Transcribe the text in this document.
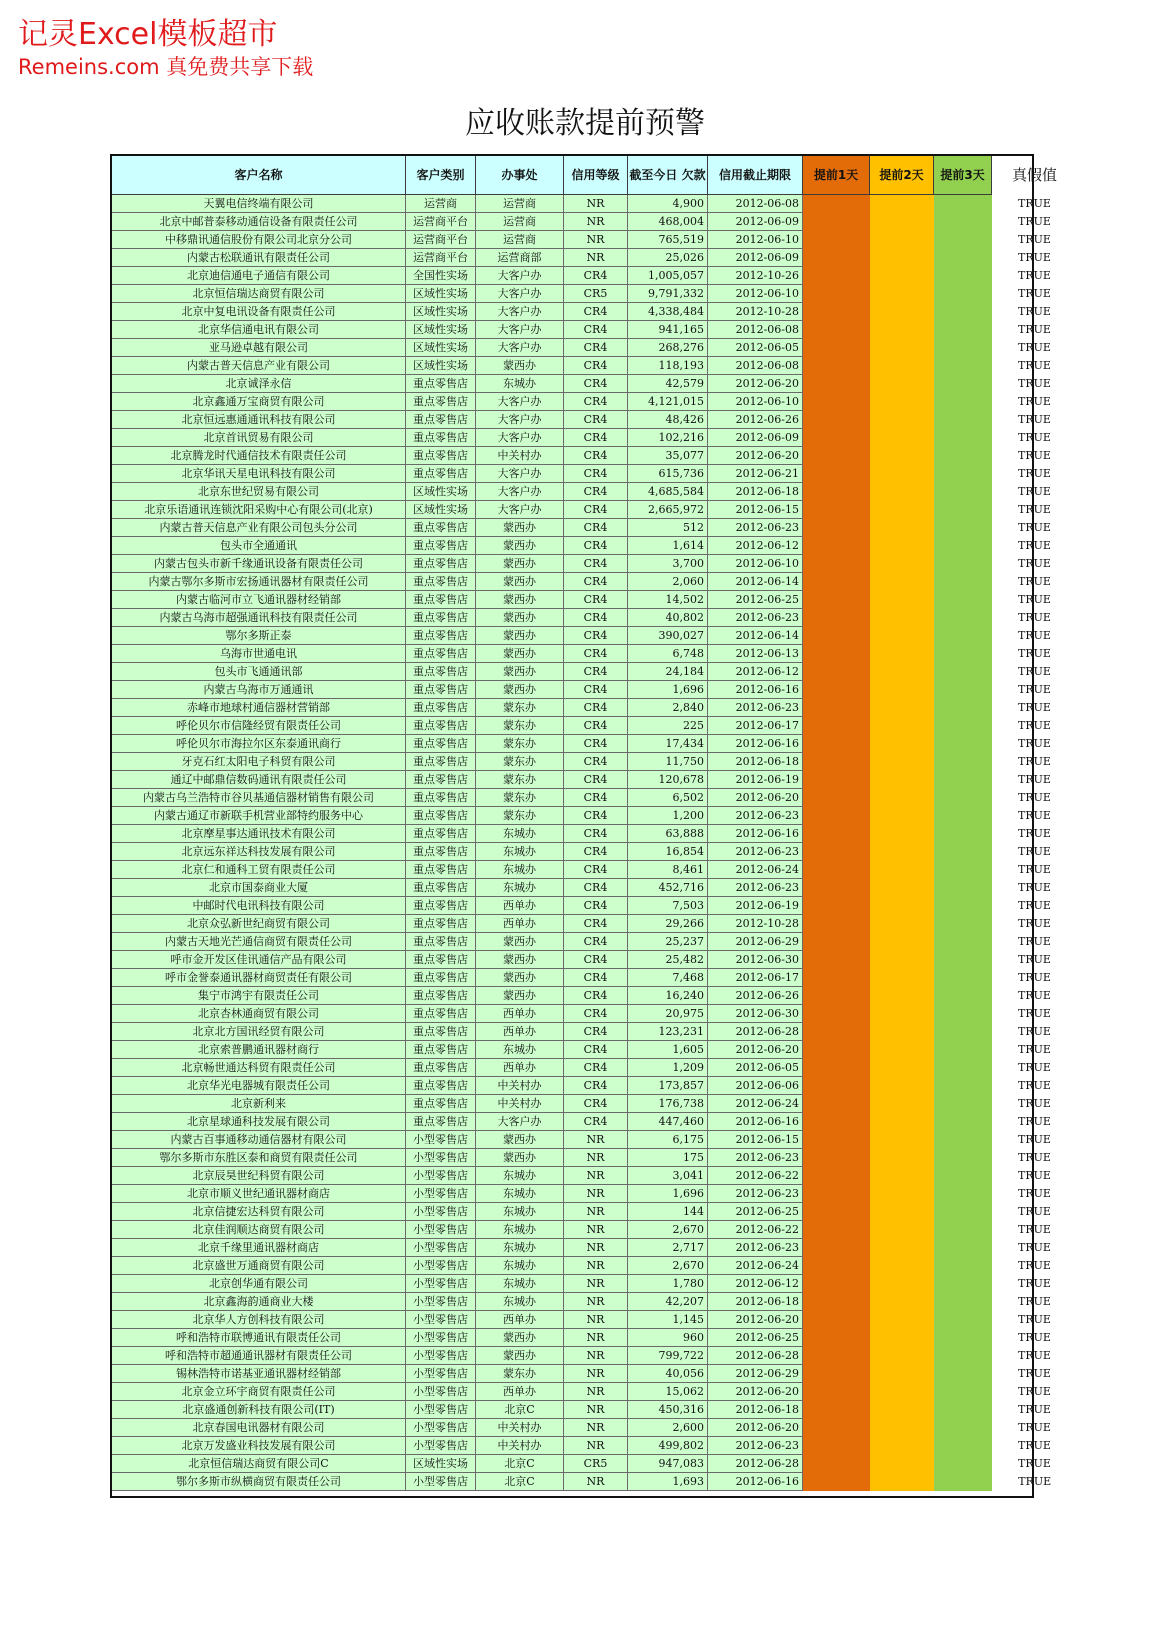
记灵Excel模板超市
Remeins.com 真免费共享下载
应收账款提前预警
客户名称	客户类别	办事处	信用等级	截至今日 欠款	信用截止期限	提前1天	提前2天	提前3天	真假值
天翼电信终端有限公司	运营商	运营商	NR	4,900	2012-06-08				TRUE
北京中邮普泰移动通信设备有限责任公司	运营商平台	运营商	NR	468,004	2012-06-09				TRUE
中移鼎讯通信股份有限公司北京分公司	运营商平台	运营商	NR	765,519	2012-06-10				TRUE
内蒙古松联通讯有限责任公司	运营商平台	运营商部	NR	25,026	2012-06-09				TRUE
北京迪信通电子通信有限公司	全国性实场	大客户办	CR4	1,005,057	2012-10-26				TRUE
北京恒信瑞达商贸有限公司	区域性实场	大客户办	CR5	9,791,332	2012-06-10				TRUE
北京中复电讯设备有限责任公司	区域性实场	大客户办	CR4	4,338,484	2012-10-28				TRUE
北京华信通电讯有限公司	区域性实场	大客户办	CR4	941,165	2012-06-08				TRUE
亚马逊卓越有限公司	区域性实场	大客户办	CR4	268,276	2012-06-05				TRUE
内蒙古普天信息产业有限公司	区域性实场	蒙西办	CR4	118,193	2012-06-08				TRUE
北京诚泽永信	重点零售店	东城办	CR4	42,579	2012-06-20				TRUE
北京鑫通万宝商贸有限公司	重点零售店	大客户办	CR4	4,121,015	2012-06-10				TRUE
北京恒远惠通通讯科技有限公司	重点零售店	大客户办	CR4	48,426	2012-06-26				TRUE
北京首讯贸易有限公司	重点零售店	大客户办	CR4	102,216	2012-06-09				TRUE
北京腾龙时代通信技术有限责任公司	重点零售店	中关村办	CR4	35,077	2012-06-20				TRUE
北京华讯天星电讯科技有限公司	重点零售店	大客户办	CR4	615,736	2012-06-21				TRUE
北京东世纪贸易有限公司	区域性实场	大客户办	CR4	4,685,584	2012-06-18				TRUE
北京乐语通讯连锁沈阳采购中心有限公司(北京)	区域性实场	大客户办	CR4	2,665,972	2012-06-15				TRUE
内蒙古普天信息产业有限公司包头分公司	重点零售店	蒙西办	CR4	512	2012-06-23				TRUE
包头市全通通讯	重点零售店	蒙西办	CR4	1,614	2012-06-12				TRUE
内蒙古包头市新千缘通讯设备有限责任公司	重点零售店	蒙西办	CR4	3,700	2012-06-10				TRUE
内蒙古鄂尔多斯市宏扬通讯器材有限责任公司	重点零售店	蒙西办	CR4	2,060	2012-06-14				TRUE
内蒙古临河市立飞通讯器材经销部	重点零售店	蒙西办	CR4	14,502	2012-06-25				TRUE
内蒙古乌海市超强通讯科技有限责任公司	重点零售店	蒙西办	CR4	40,802	2012-06-23				TRUE
鄂尔多斯正泰	重点零售店	蒙西办	CR4	390,027	2012-06-14				TRUE
乌海市世通电讯	重点零售店	蒙西办	CR4	6,748	2012-06-13				TRUE
包头市飞通通讯部	重点零售店	蒙西办	CR4	24,184	2012-06-12				TRUE
内蒙古乌海市万通通讯	重点零售店	蒙西办	CR4	1,696	2012-06-16				TRUE
赤峰市地球村通信器材营销部	重点零售店	蒙东办	CR4	2,840	2012-06-23				TRUE
呼伦贝尔市信隆经贸有限责任公司	重点零售店	蒙东办	CR4	225	2012-06-17				TRUE
呼伦贝尔市海拉尔区东泰通讯商行	重点零售店	蒙东办	CR4	17,434	2012-06-16				TRUE
牙克石红太阳电子科贸有限公司	重点零售店	蒙东办	CR4	11,750	2012-06-18				TRUE
通辽中邮鼎信数码通讯有限责任公司	重点零售店	蒙东办	CR4	120,678	2012-06-19				TRUE
内蒙古乌兰浩特市谷贝基通信器材销售有限公司	重点零售店	蒙东办	CR4	6,502	2012-06-20				TRUE
内蒙古通辽市新联手机营业部特约服务中心	重点零售店	蒙东办	CR4	1,200	2012-06-23				TRUE
北京摩星事达通讯技术有限公司	重点零售店	东城办	CR4	63,888	2012-06-16				TRUE
北京远东祥达科技发展有限公司	重点零售店	东城办	CR4	16,854	2012-06-23				TRUE
北京仁和通科工贸有限责任公司	重点零售店	东城办	CR4	8,461	2012-06-24				TRUE
北京市国泰商业大厦	重点零售店	东城办	CR4	452,716	2012-06-23				TRUE
中邮时代电讯科技有限公司	重点零售店	西单办	CR4	7,503	2012-06-19				TRUE
北京众弘新世纪商贸有限公司	重点零售店	西单办	CR4	29,266	2012-10-28				TRUE
内蒙古天地光芒通信商贸有限责任公司	重点零售店	蒙西办	CR4	25,237	2012-06-29				TRUE
呼市金开发区佳讯通信产品有限公司	重点零售店	蒙西办	CR4	25,482	2012-06-30				TRUE
呼市金誉泰通讯器材商贸责任有限公司	重点零售店	蒙西办	CR4	7,468	2012-06-17				TRUE
集宁市鸿宇有限责任公司	重点零售店	蒙西办	CR4	16,240	2012-06-26				TRUE
北京杏林通商贸有限公司	重点零售店	西单办	CR4	20,975	2012-06-30				TRUE
北京北方国讯经贸有限公司	重点零售店	西单办	CR4	123,231	2012-06-28				TRUE
北京索普鹏通讯器材商行	重点零售店	东城办	CR4	1,605	2012-06-20				TRUE
北京畅世通达科贸有限责任公司	重点零售店	西单办	CR4	1,209	2012-06-05				TRUE
北京华光电器城有限责任公司	重点零售店	中关村办	CR4	173,857	2012-06-06				TRUE
北京新利来	重点零售店	中关村办	CR4	176,738	2012-06-24				TRUE
北京星球通科技发展有限公司	重点零售店	大客户办	CR4	447,460	2012-06-16				TRUE
内蒙古百事通移动通信器材有限公司	小型零售店	蒙西办	NR	6,175	2012-06-15				TRUE
鄂尔多斯市东胜区泰和商贸有限责任公司	小型零售店	蒙西办	NR	175	2012-06-23				TRUE
北京辰昊世纪科贸有限公司	小型零售店	东城办	NR	3,041	2012-06-22				TRUE
北京市顺义世纪通讯器材商店	小型零售店	东城办	NR	1,696	2012-06-23				TRUE
北京信捷宏达科贸有限公司	小型零售店	东城办	NR	144	2012-06-25				TRUE
北京佳润顺达商贸有限公司	小型零售店	东城办	NR	2,670	2012-06-22				TRUE
北京千缘里通讯器材商店	小型零售店	东城办	NR	2,717	2012-06-23				TRUE
北京盛世万通商贸有限公司	小型零售店	东城办	NR	2,670	2012-06-24				TRUE
北京创华通有限公司	小型零售店	东城办	NR	1,780	2012-06-12				TRUE
北京鑫海韵通商业大楼	小型零售店	东城办	NR	42,207	2012-06-18				TRUE
北京华人方创科技有限公司	小型零售店	西单办	NR	1,145	2012-06-20				TRUE
呼和浩特市联博通讯有限责任公司	小型零售店	蒙西办	NR	960	2012-06-25				TRUE
呼和浩特市超通通讯器材有限责任公司	小型零售店	蒙西办	NR	799,722	2012-06-28				TRUE
锡林浩特市诺基亚通讯器材经销部	小型零售店	蒙东办	NR	40,056	2012-06-29				TRUE
北京金立环宇商贸有限责任公司	小型零售店	西单办	NR	15,062	2012-06-20				TRUE
北京盛通创新科技有限公司(IT)	小型零售店	北京C	NR	450,316	2012-06-18				TRUE
北京春国电讯器材有限公司	小型零售店	中关村办	NR	2,600	2012-06-20				TRUE
北京万发盛业科技发展有限公司	小型零售店	中关村办	NR	499,802	2012-06-23				TRUE
北京恒信瑞达商贸有限公司C	区域性实场	北京C	CR5	947,083	2012-06-28				TRUE
鄂尔多斯市纵横商贸有限责任公司	小型零售店	北京C	NR	1,693	2012-06-16				TRUE
